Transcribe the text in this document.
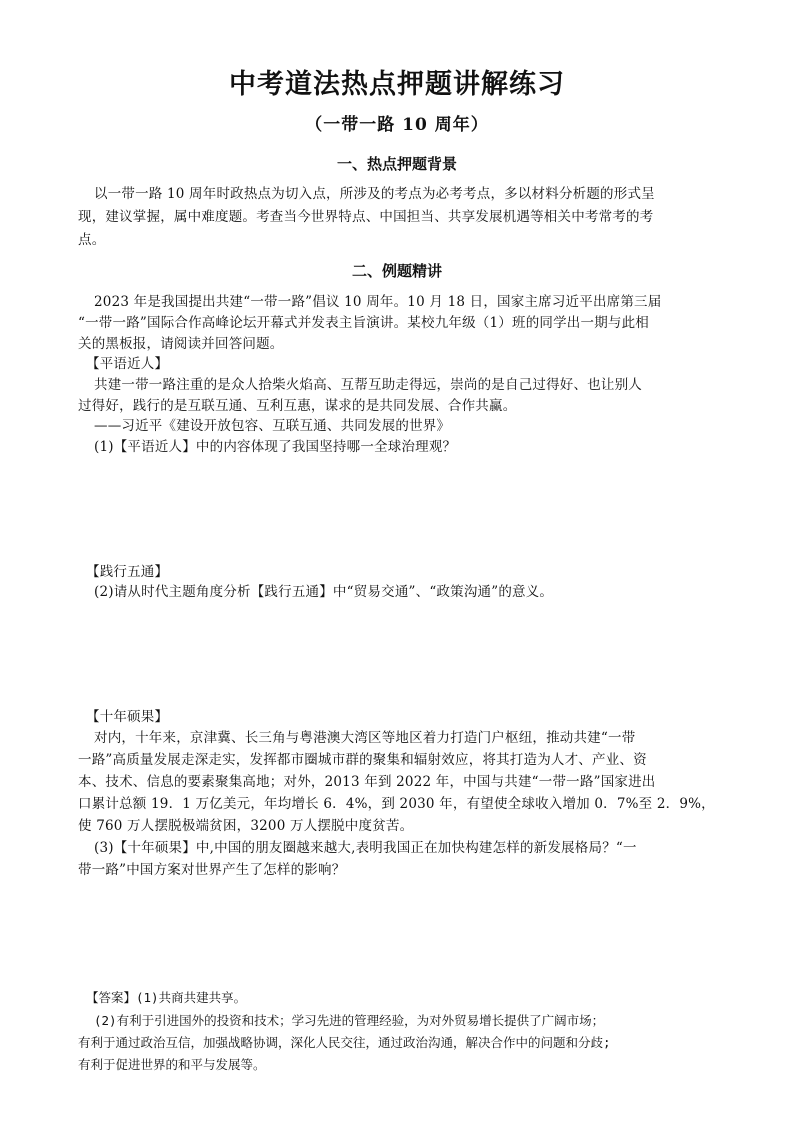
中考道法热点押题讲解练习
（一带一路 10 周年）
一、热点押题背景
以一带一路 10 周年时政热点为切入点，所涉及的考点为必考考点，多以材料分析题的形式呈
现，建议掌握，属中难度题。考查当今世界特点、中国担当、共享发展机遇等相关中考常考的考
点。
二、例题精讲
2023 年是我国提出共建“一带一路”倡议 10 周年。10 月 18 日，国家主席习近平出席第三届
“一带一路”国际合作高峰论坛开幕式并发表主旨演讲。某校九年级（1）班的同学出一期与此相
关的黑板报，请阅读并回答问题。
【平语近人】
共建一带一路注重的是众人拾柴火焰高、互帮互助走得远，崇尚的是自己过得好、也让别人
过得好，践行的是互联互通、互利互惠，谋求的是共同发展、合作共赢。
——习近平《建设开放包容、互联互通、共同发展的世界》
(1)【平语近人】中的内容体现了我国坚持哪一全球治理观？
【践行五通】
(2)请从时代主题角度分析【践行五通】中“贸易交通”、“政策沟通”的意义。
【十年硕果】
对内，十年来，京津冀、长三角与粤港澳大湾区等地区着力打造门户枢纽，推动共建“一带
一路”高质量发展走深走实，发挥都市圈城市群的聚集和辐射效应，将其打造为人才、产业、资
本、技术、信息的要素聚集高地；对外，2013 年到 2022 年，中国与共建“一带一路”国家进出
口累计总额 19．1 万亿美元，年均增长 6．4%，到 2030 年，有望使全球收入增加 0．7%至 2．9%，
使 760 万人摆脱极端贫困，3200 万人摆脱中度贫苦。
(3)【十年硕果】中,中国的朋友圈越来越大,表明我国正在加快构建怎样的新发展格局？“一
带一路”中国方案对世界产生了怎样的影响？
【答案】(1)共商共建共享。
(2)有利于引进国外的投资和技术；学习先进的管理经验，为对外贸易增长提供了广阔市场；
有利于通过政治互信，加强战略协调，深化人民交往，通过政治沟通，解决合作中的问题和分歧;
有利于促进世界的和平与发展等。
